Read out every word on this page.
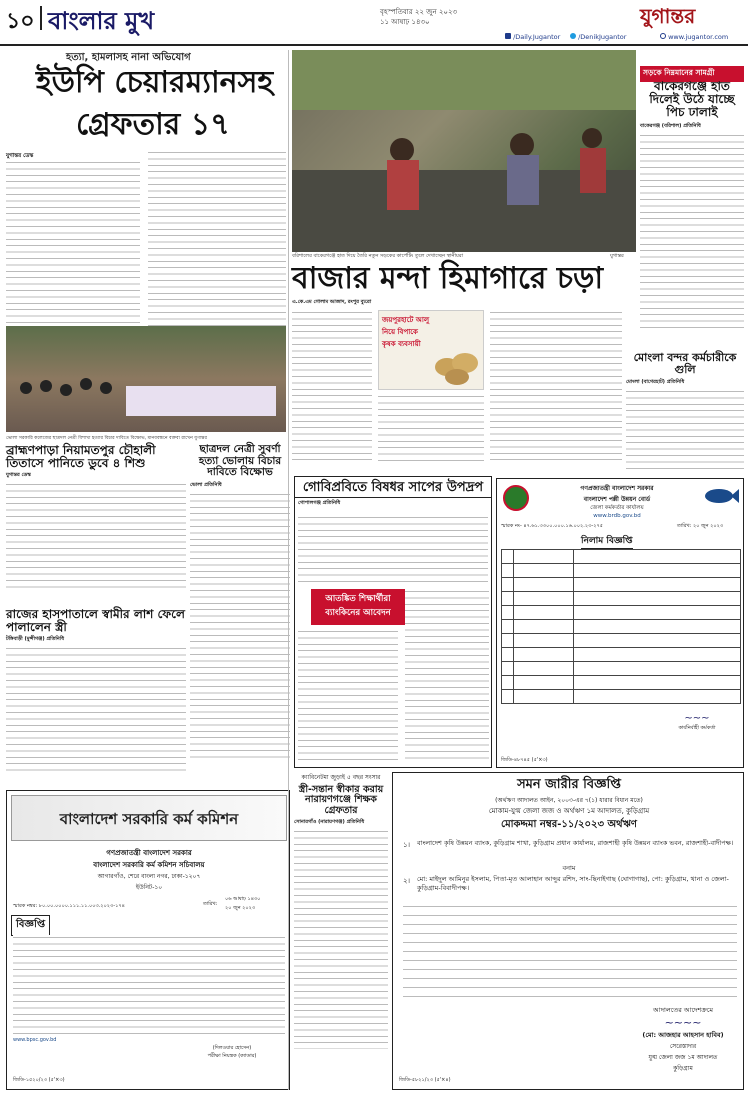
১০ বাংলার মুখ	বৃহস্পতিবার ২২ জুন ২০২৩
১১ আষাঢ় ১৪৩০	যুগান্তর
/Daily.Jugantor	/DenikJugantor	www.jugantor.com
হত্যা, হামলাসহ নানা অভিযোগ
ইউপি চেয়ারম্যানসহ
গ্রেফতার ১৭
যুগান্তর ডেস্ক
সড়কে নিম্নমানের সামগ্রী
বরিশালের বাকেরগঞ্জে হাত দিয়ে তৈরি নতুন সড়কের কার্পেটিং তুলে দেখাচ্ছেন স্থানীয়রা	যুগান্তর
বাকেরগঞ্জে হাত দিলেই উঠে যাচ্ছে পিচ ঢালাই
বাকেরগঞ্জ (বরিশাল) প্রতিনিধি
বাজার মন্দা হিমাগারে চড়া
এ.কে.এম গোলাম আজাদ, রংপুর ব্যুরো
জয়পুরহাটে আলু নিয়ে বিপাকে কৃষক ব্যবসায়ী
মোংলা বন্দর কর্মচারীকে গুলি
মোংলা (বাগেরহাট) প্রতিনিধি
ভোলা সরকারি কলেজের ছাত্রদল নেত্রী বিশাখা হত্যার বিচার দাবিতে বিক্ষোভ, মানববন্ধনে বক্তব্য রাখেন যুগান্তর
ব্রাহ্মণপাড়া নিয়ামতপুর চৌহালী তিতাসে পানিতে ডুবে ৪ শিশু
যুগান্তর ডেস্ক
ছাত্রদল নেত্রী সুবর্ণা হত্যা ভোলায় বিচার দাবিতে বিক্ষোভ
ভোলা প্রতিনিধি	গোবিপ্রবিতে বিষধর সাপের উপদ্রপ
গোপালগঞ্জ প্রতিনিধি
আতঙ্কিত শিক্ষার্থীরা ব্যাংকিনের আবেদন
গণপ্রজাতন্ত্রী বাংলাদেশ সরকার
বাংলাদেশ পল্লী উন্নয়ন বোর্ড
জেলা কর্মকর্তার কার্যালয়
www.brdb.gov.bd
স্মারক নং- ৪৭.৬১.৩৩০০.০০০.১৬.০০২.২৩-২৭৫	তারিখ: ২০ জুন ২০২৩
নিলাম বিজ্ঞপ্তি

~~~
কার্যনির্বাহী কর্মকর্তা
জিডি-৪৮৭৪৫ (৫'×৩)
রাজের হাসপাতালে স্বামীর লাশ ফেলে পালালেন স্ত্রী
টঙ্গিবাড়ী (মুন্সীগঞ্জ) প্রতিনিধি
বাংলাদেশ সরকারি কর্ম কমিশন
গণপ্রজাতন্ত্রী বাংলাদেশ সরকার
বাংলাদেশ সরকারি কর্ম কমিশন সচিবালয়
আগারগাঁও, শেরে বাংলা নগর, ঢাকা-১২০৭
ইউনিট-১০
স্মারক নম্বর: ৮০.০০.০০০০.১১১.১১.০০৩.২০২৩-১৭৪	তারিখ:
০৬ আষাঢ় ১৪৩০
২০ জুন ২০২৩
বিজ্ঞপ্তি
www.bpsc.gov.bd
(দিলওয়ার হোসেন)
পরীক্ষা নিয়ন্ত্রক (ক্যাডার)
জিডি-১৫২০/২৩ (৫'×৩)
ক্যাবিনেটমা জুড়াই ৫ বছর সংসার
স্ত্রী-সন্তান স্বীকার করায় নারায়ণগঞ্জে শিক্ষক গ্রেফতার
সোনারগাঁও (নারায়ণগঞ্জ) প্রতিনিধি
সমন জারীর বিজ্ঞপ্তি
(অর্থঋণ আদালত আইন, ২০০৩-এর ৭(১) ধারার বিধান মতে)
মোকাম-যুগ্ম জেলা জজ ও অর্থঋণ ১ম আদালত, কুড়িগ্রাম
মোকদ্দমা নম্বর-১১/২০২৩ অর্থঋণ
১। বাংলাদেশ কৃষি উন্নয়ন ব্যাংক, কুড়িগ্রাম শাখা, কুড়িগ্রাম প্রধান কার্যালয়, রাজশাহী কৃষি উন্নয়ন ব্যাংক ভবন, রাজশাহী-বাদীপক্ষ।
বনাম
২। মো: মাইদুল আমিনুর ইসলাম, পিতা-মৃত আলাহান আব্দুর রশিদ, সাং-ছিনাইগাছ (ঘোগাগাছ), পো: কুড়িগ্রাম, থানা ও জেলা-কুড়িগ্রাম-বিবাদীপক্ষ।
আদালতের আদেশক্রমে
~~~~
(মো: আজহার আহসান হাবিব)
সেরেস্তাদার
যুগ্ম জেলা জজ ১ম আদালত
কুড়িগ্রাম
জিডি-৫৮২১/২৩ (৫'×৪)
